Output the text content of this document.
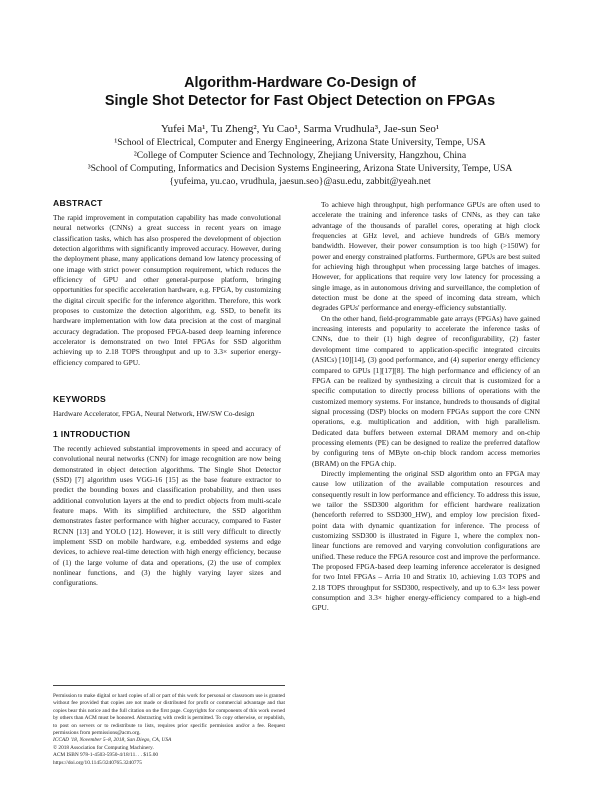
Algorithm-Hardware Co-Design of
Single Shot Detector for Fast Object Detection on FPGAs
Yufei Ma¹, Tu Zheng², Yu Cao¹, Sarma Vrudhula³, Jae-sun Seo¹
¹School of Electrical, Computer and Energy Engineering, Arizona State University, Tempe, USA
²College of Computer Science and Technology, Zhejiang University, Hangzhou, China
³School of Computing, Informatics and Decision Systems Engineering, Arizona State University, Tempe, USA
{yufeima, yu.cao, vrudhula, jaesun.seo}@asu.edu, zabbit@yeah.net
ABSTRACT

The rapid improvement in computation capability has made convolutional neural networks (CNNs) a great success in recent years on image classification tasks, which has also prospered the development of objection detection algorithms with significantly improved accuracy. However, during the deployment phase, many applications demand low latency processing of one image with strict power consumption requirement, which reduces the efficiency of GPU and other general-purpose platform, bringing opportunities for specific acceleration hardware, e.g. FPGA, by customizing the digital circuit specific for the inference algorithm. Therefore, this work proposes to customize the detection algorithm, e.g. SSD, to benefit its hardware implementation with low data precision at the cost of marginal accuracy degradation. The proposed FPGA-based deep learning inference accelerator is demonstrated on two Intel FPGAs for SSD algorithm achieving up to 2.18 TOPS throughput and up to 3.3× superior energy-efficiency compared to GPU.

KEYWORDS

Hardware Accelerator, FPGA, Neural Network, HW/SW Co-design

1 INTRODUCTION

The recently achieved substantial improvements in speed and accuracy of convolutional neural networks (CNN) for image recognition are now being demonstrated in object detection algorithms. The Single Shot Detector (SSD) [7] algorithm uses VGG-16 [15] as the base feature extractor to predict the bounding boxes and classification probability, and then uses additional convolution layers at the end to predict objects from multi-scale feature maps. With its simplified architecture, the SSD algorithm demonstrates faster performance with higher accuracy, compared to Faster RCNN [13] and YOLO [12]. However, it is still very difficult to directly implement SSD on mobile hardware, e.g. embedded systems and edge devices, to achieve real-time detection with high energy efficiency, because of (1) the large volume of data and operations, (2) the use of complex nonlinear functions, and (3) the highly varying layer sizes and configurations.

Permission to make digital or hard copies of all or part of this work for personal or classroom use is granted without fee provided that copies are not made or distributed for profit or commercial advantage and that copies bear this notice and the full citation on the first page. Copyrights for components of this work owned by others than ACM must be honored. Abstracting with credit is permitted. To copy otherwise, or republish, to post on servers or to redistribute to lists, requires prior specific permission and/or a fee. Request permissions from permissions@acm.org.
ICCAD '18, November 5–8, 2018, San Diego, CA, USA
© 2018 Association for Computing Machinery.
ACM ISBN 978-1-4503-5950-4/18/11. . . $15.00
https://doi.org/10.1145/3240765.3240775

To achieve high throughput, high performance GPUs are often used to accelerate the training and inference tasks of CNNs, as they can take advantage of the thousands of parallel cores, operating at high clock frequencies at GHz level, and achieve hundreds of GB/s memory bandwidth. However, their power consumption is too high (>150W) for power and energy constrained platforms. Furthermore, GPUs are best suited for achieving high throughput when processing large batches of images. However, for applications that require very low latency for processing a single image, as in autonomous driving and surveillance, the completion of detection must be done at the speed of incoming data stream, which degrades GPUs' performance and energy-efficiency substantially.

On the other hand, field-programmable gate arrays (FPGAs) have gained increasing interests and popularity to accelerate the inference tasks of CNNs, due to their (1) high degree of reconfigurability, (2) faster development time compared to application-specific integrated circuits (ASICs) [10][14], (3) good performance, and (4) superior energy efficiency compared to GPUs [1][17][8]. The high performance and efficiency of an FPGA can be realized by synthesizing a circuit that is customized for a specific computation to directly process billions of operations with the customized memory systems. For instance, hundreds to thousands of digital signal processing (DSP) blocks on modern FPGAs support the core CNN operations, e.g. multiplication and addition, with high parallelism. Dedicated data buffers between external DRAM memory and on-chip processing elements (PE) can be designed to realize the preferred dataflow by configuring tens of MByte on-chip block random access memories (BRAM) on the FPGA chip.

Directly implementing the original SSD algorithm onto an FPGA may cause low utilization of the available computation resources and consequently result in low performance and efficiency. To address this issue, we tailor the SSD300 algorithm for efficient hardware realization (henceforth referred to SSD300_HW), and employ low precision fixed-point data with dynamic quantization for inference. The process of customizing SSD300 is illustrated in Figure 1, where the complex non-linear functions are removed and varying convolution configurations are unified. These reduce the FPGA resource cost and improve the performance. The proposed FPGA-based deep learning inference accelerator is designed for two Intel FPGAs – Arria 10 and Stratix 10, achieving 1.03 TOPS and 2.18 TOPS throughput for SSD300, respectively, and up to 6.3× less power consumption and 3.3× higher energy-efficiency compared to a high-end GPU.
